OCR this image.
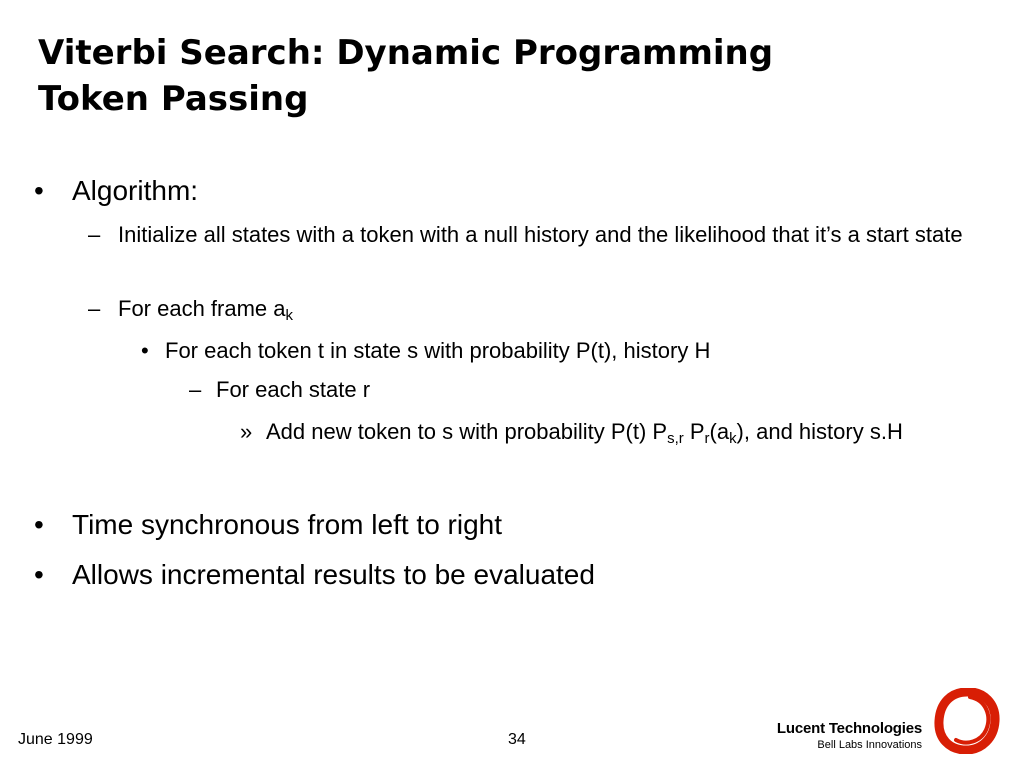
Viterbi Search: Dynamic Programming
Token Passing
•	Algorithm:
– Initialize all states with a token with a null history and the likelihood that it’s a start state
– For each frame $a_k$
• For each token t in state s with probability P(t), history H
– For each state r
» Add new token to s with probability P(t) $P_{s,r}$ $P_r(a_k)$, and history s.H
•	Time synchronous from left to right
•	Allows incremental results to be evaluated
June 1999	34
Lucent Technologies
Bell Labs Innovations
